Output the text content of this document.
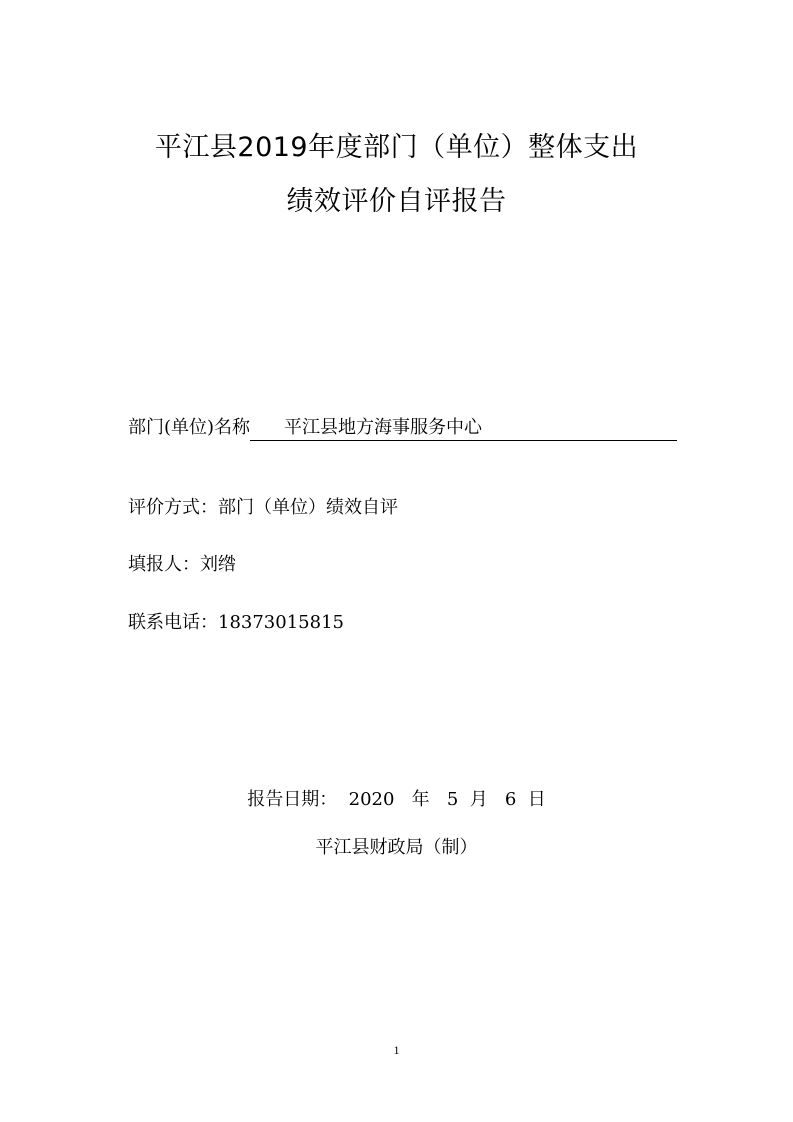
平江县2019年度部门（单位）整体支出
绩效评价自评报告
部门(单位)名称 平江县地方海事服务中心
评价方式：部门（单位）绩效自评
填报人：刘绺
联系电话：18373015815
报告日期： 2020 年 5 月 6 日
平江县财政局（制）
1
